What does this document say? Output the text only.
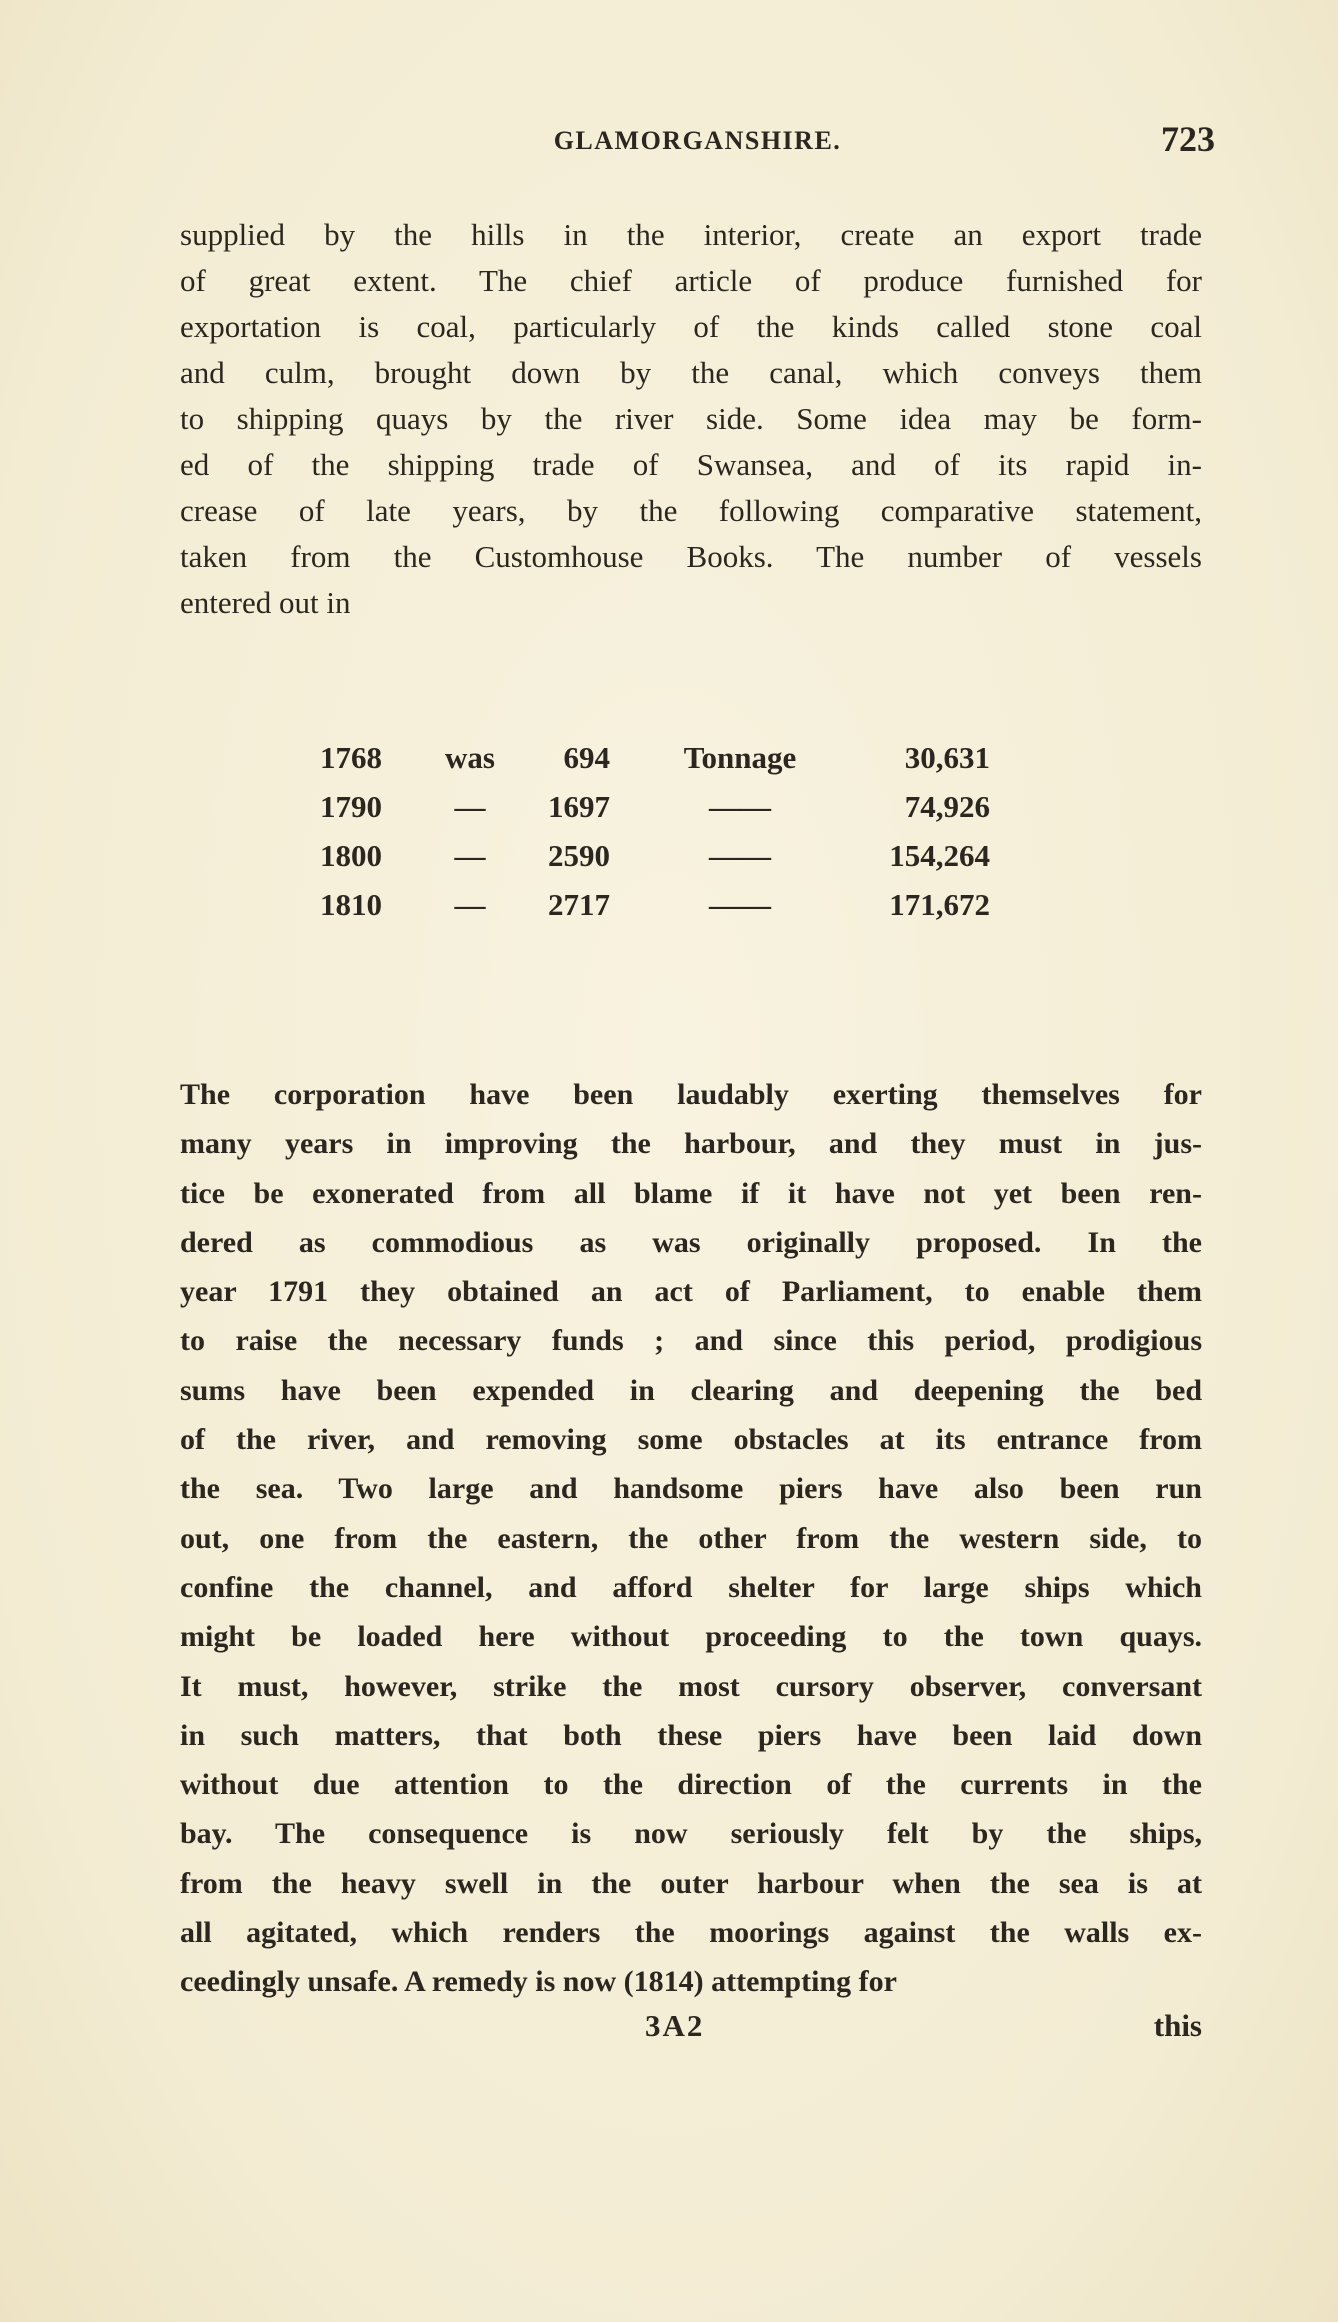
GLAMORGANSHIRE.	723
supplied by the hills in the interior, create an export trade
of great extent. The chief article of produce furnished for
exportation is coal, particularly of the kinds called stone coal
and culm, brought down by the canal, which conveys them
to shipping quays by the river side. Some idea may be form-
ed of the shipping trade of Swansea, and of its rapid in-
crease of late years, by the following comparative statement,
taken from the Customhouse Books. The number of vessels
entered out in
1768	was	694	Tonnage	30,631
1790	—	1697	——	74,926
1800	—	2590	——	154,264
1810	—	2717	——	171,672
The corporation have been laudably exerting themselves for
many years in improving the harbour, and they must in jus-
tice be exonerated from all blame if it have not yet been ren-
dered as commodious as was originally proposed. In the
year 1791 they obtained an act of Parliament, to enable them
to raise the necessary funds ; and since this period, prodigious
sums have been expended in clearing and deepening the bed
of the river, and removing some obstacles at its entrance from
the sea. Two large and handsome piers have also been run
out, one from the eastern, the other from the western side, to
confine the channel, and afford shelter for large ships which
might be loaded here without proceeding to the town quays.
It must, however, strike the most cursory observer, conversant
in such matters, that both these piers have been laid down
without due attention to the direction of the currents in the
bay. The consequence is now seriously felt by the ships,
from the heavy swell in the outer harbour when the sea is at
all agitated, which renders the moorings against the walls ex-
ceedingly unsafe. A remedy is now (1814) attempting for
3A2	this
